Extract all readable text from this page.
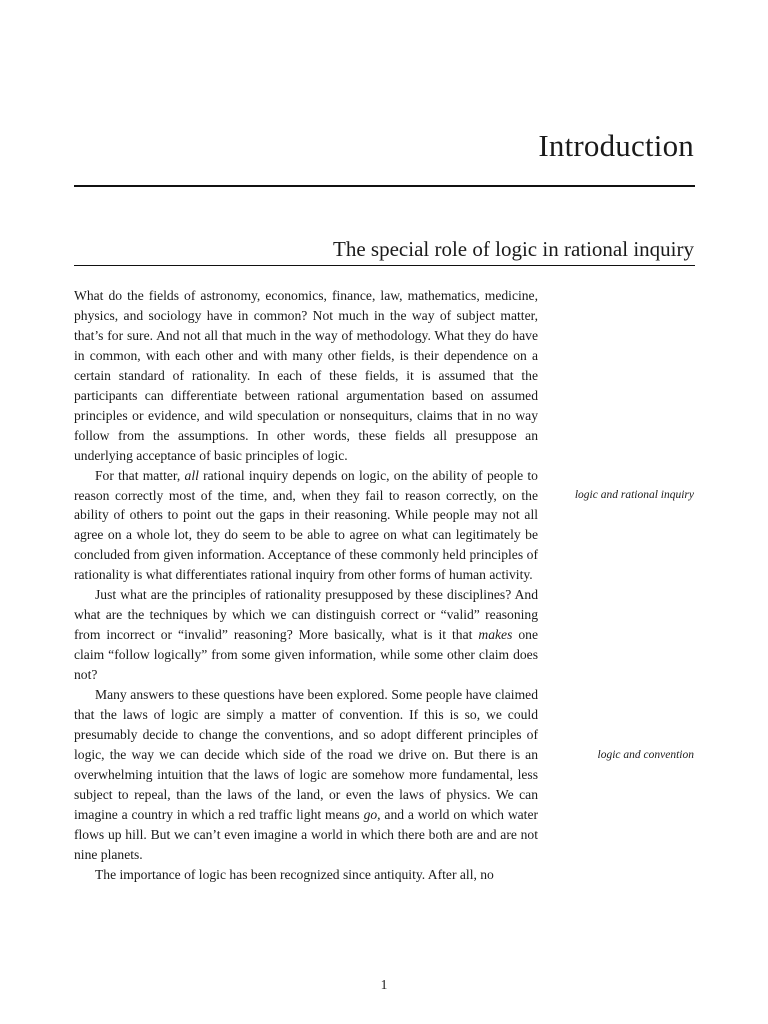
Introduction
The special role of logic in rational inquiry

What do the fields of astronomy, economics, finance, law, mathematics, medicine, physics, and sociology have in common? Not much in the way of subject matter, that’s for sure. And not all that much in the way of methodology. What they do have in common, with each other and with many other fields, is their dependence on a certain standard of rationality. In each of these fields, it is assumed that the participants can differentiate between rational argumentation based on assumed principles or evidence, and wild speculation or nonsequiturs, claims that in no way follow from the assumptions. In other words, these fields all presuppose an underlying acceptance of basic principles of logic.

For that matter, all rational inquiry depends on logic, on the ability of people to reason correctly most of the time, and, when they fail to reason correctly, on the ability of others to point out the gaps in their reasoning. While people may not all agree on a whole lot, they do seem to be able to agree on what can legitimately be concluded from given information. Acceptance of these commonly held principles of rationality is what differentiates rational inquiry from other forms of human activity.

Just what are the principles of rationality presupposed by these disciplines? And what are the techniques by which we can distinguish correct or “valid” reasoning from incorrect or “invalid” reasoning? More basically, what is it that makes one claim “follow logically” from some given information, while some other claim does not?

Many answers to these questions have been explored. Some people have claimed that the laws of logic are simply a matter of convention. If this is so, we could presumably decide to change the conventions, and so adopt different principles of logic, the way we can decide which side of the road we drive on. But there is an overwhelming intuition that the laws of logic are somehow more fundamental, less subject to repeal, than the laws of the land, or even the laws of physics. We can imagine a country in which a red traffic light means go, and a world on which water flows up hill. But we can’t even imagine a world in which there both are and are not nine planets.

The importance of logic has been recognized since antiquity. After all, no

logic and rational inquiry
logic and convention
1
